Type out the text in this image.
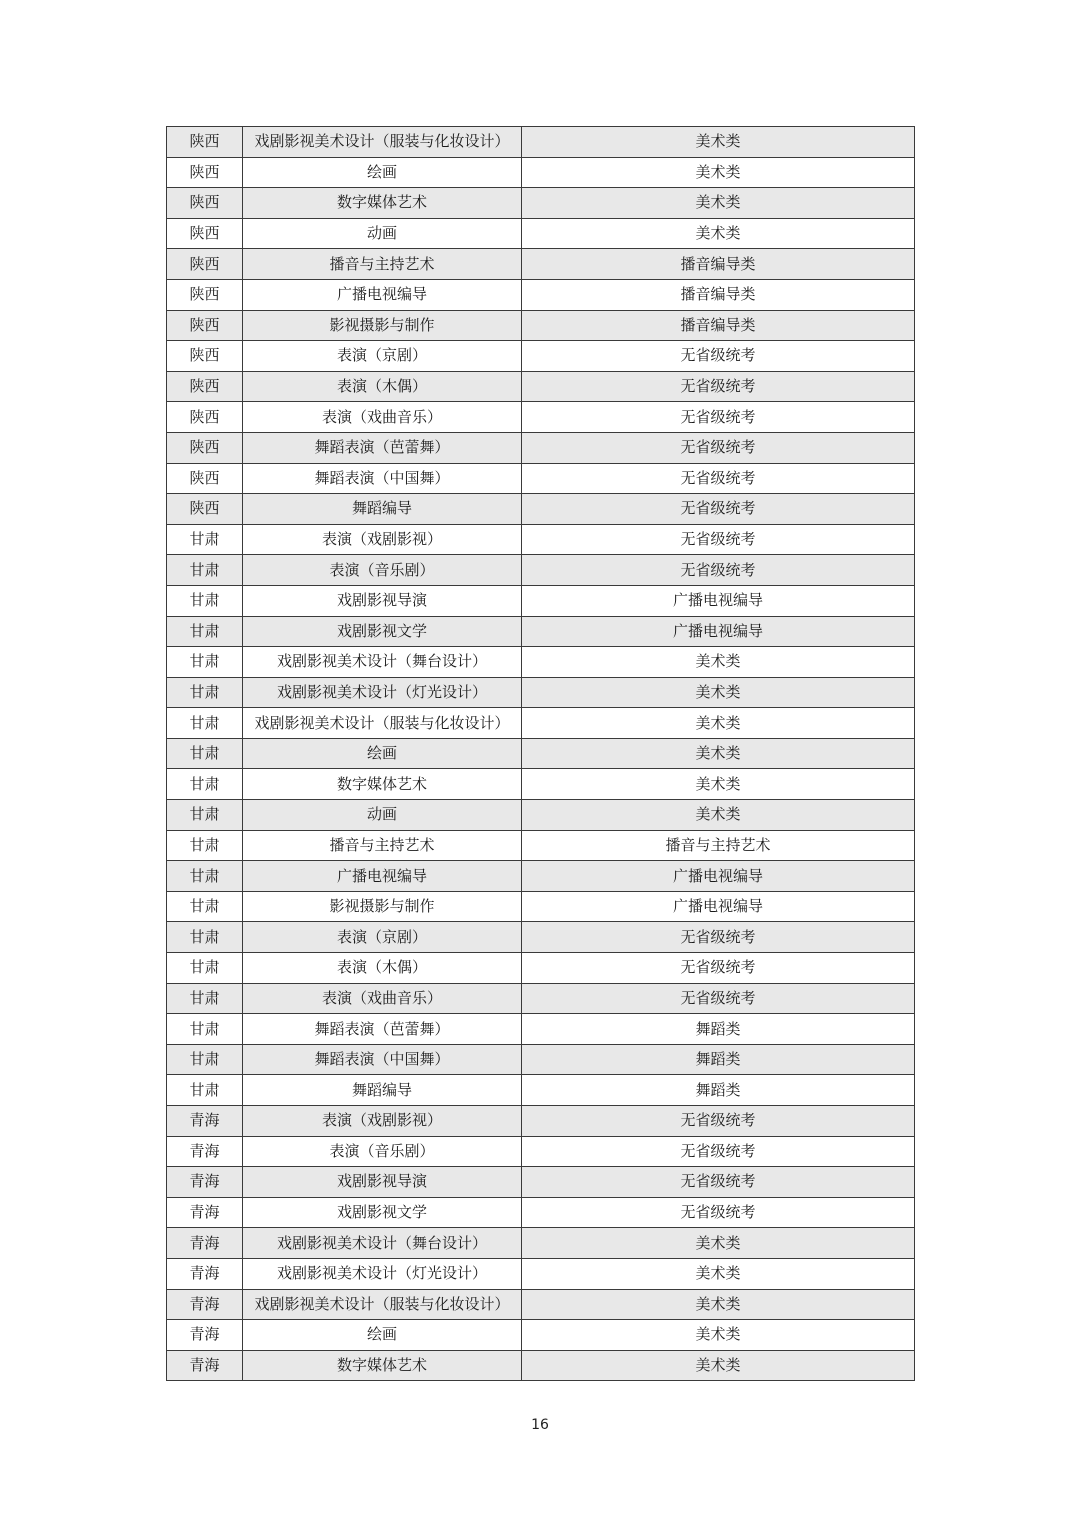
陕西	戏剧影视美术设计（服装与化妆设计）	美术类
陕西	绘画	美术类
陕西	数字媒体艺术	美术类
陕西	动画	美术类
陕西	播音与主持艺术	播音编导类
陕西	广播电视编导	播音编导类
陕西	影视摄影与制作	播音编导类
陕西	表演（京剧）	无省级统考
陕西	表演（木偶）	无省级统考
陕西	表演（戏曲音乐）	无省级统考
陕西	舞蹈表演（芭蕾舞）	无省级统考
陕西	舞蹈表演（中国舞）	无省级统考
陕西	舞蹈编导	无省级统考
甘肃	表演（戏剧影视）	无省级统考
甘肃	表演（音乐剧）	无省级统考
甘肃	戏剧影视导演	广播电视编导
甘肃	戏剧影视文学	广播电视编导
甘肃	戏剧影视美术设计（舞台设计）	美术类
甘肃	戏剧影视美术设计（灯光设计）	美术类
甘肃	戏剧影视美术设计（服装与化妆设计）	美术类
甘肃	绘画	美术类
甘肃	数字媒体艺术	美术类
甘肃	动画	美术类
甘肃	播音与主持艺术	播音与主持艺术
甘肃	广播电视编导	广播电视编导
甘肃	影视摄影与制作	广播电视编导
甘肃	表演（京剧）	无省级统考
甘肃	表演（木偶）	无省级统考
甘肃	表演（戏曲音乐）	无省级统考
甘肃	舞蹈表演（芭蕾舞）	舞蹈类
甘肃	舞蹈表演（中国舞）	舞蹈类
甘肃	舞蹈编导	舞蹈类
青海	表演（戏剧影视）	无省级统考
青海	表演（音乐剧）	无省级统考
青海	戏剧影视导演	无省级统考
青海	戏剧影视文学	无省级统考
青海	戏剧影视美术设计（舞台设计）	美术类
青海	戏剧影视美术设计（灯光设计）	美术类
青海	戏剧影视美术设计（服装与化妆设计）	美术类
青海	绘画	美术类
青海	数字媒体艺术	美术类
16
